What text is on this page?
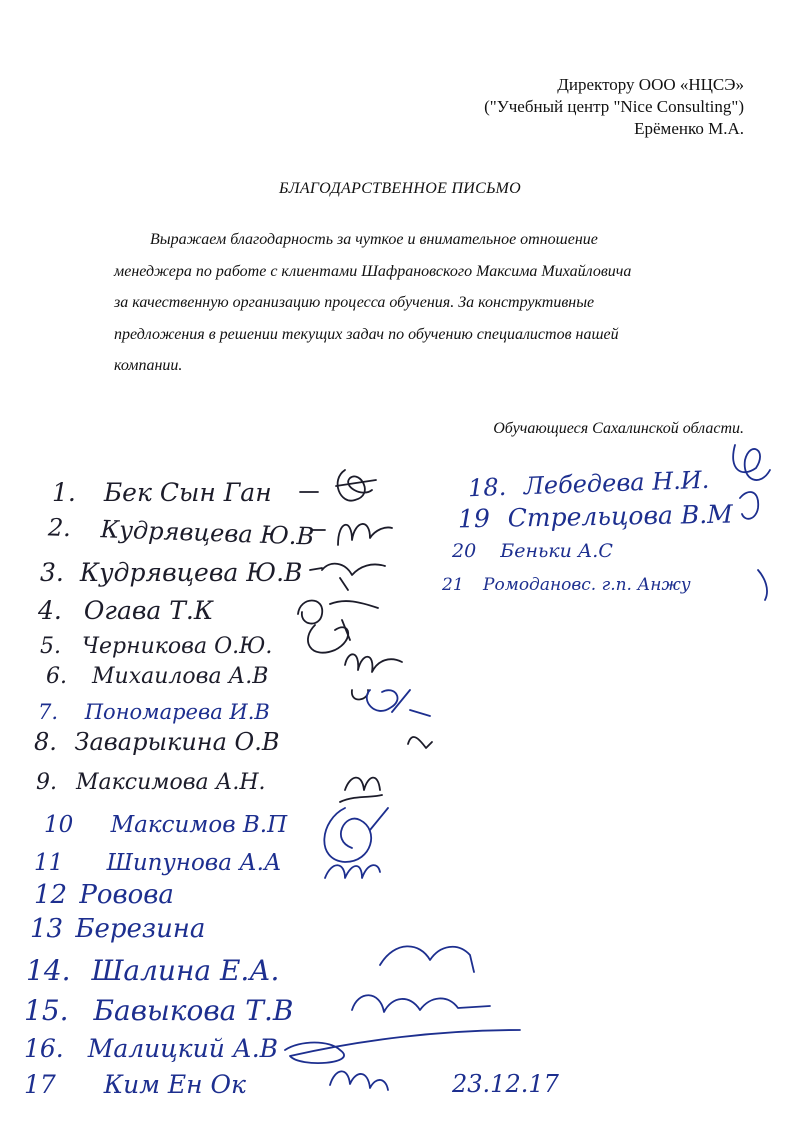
Директору ООО «НЦСЭ»
("Учебный центр "Nice Consulting")
Ерёменко М.А.
БЛАГОДАРСТВЕННОЕ ПИСЬМО

Выражаем благодарность за чуткое и внимательное отношение

менеджера по работе с клиентами Шафрановского Максима Михайловича
за качественную организацию процесса обучения. За конструктивные
предложения в решении текущих задач по обучению специалистов нашей
компании.
Обучающиеся Сахалинской области.
1. Бек Сын Ган
2. Кудрявцева Ю.В
3. Кудрявцева Ю.В
4. Огава Т.К
5. Черникова О.Ю.
6. Михаилова А.В
7. Пономарева И.В
8. Заварыкина О.В
9. Максимова А.Н.
10 Максимов В.П
11 Шипунова А.А
12 Ровова
13 Березина
14. Шалина Е.А.
15. Бавыкова Т.В
16. Малицкий А.В
17 Ким Ен Ок
18. Лебедева Н.И.
19 Стрельцова В.М
20 Беньки А.С
21 Ромодановс. г.п. Анжу
23.12.17
